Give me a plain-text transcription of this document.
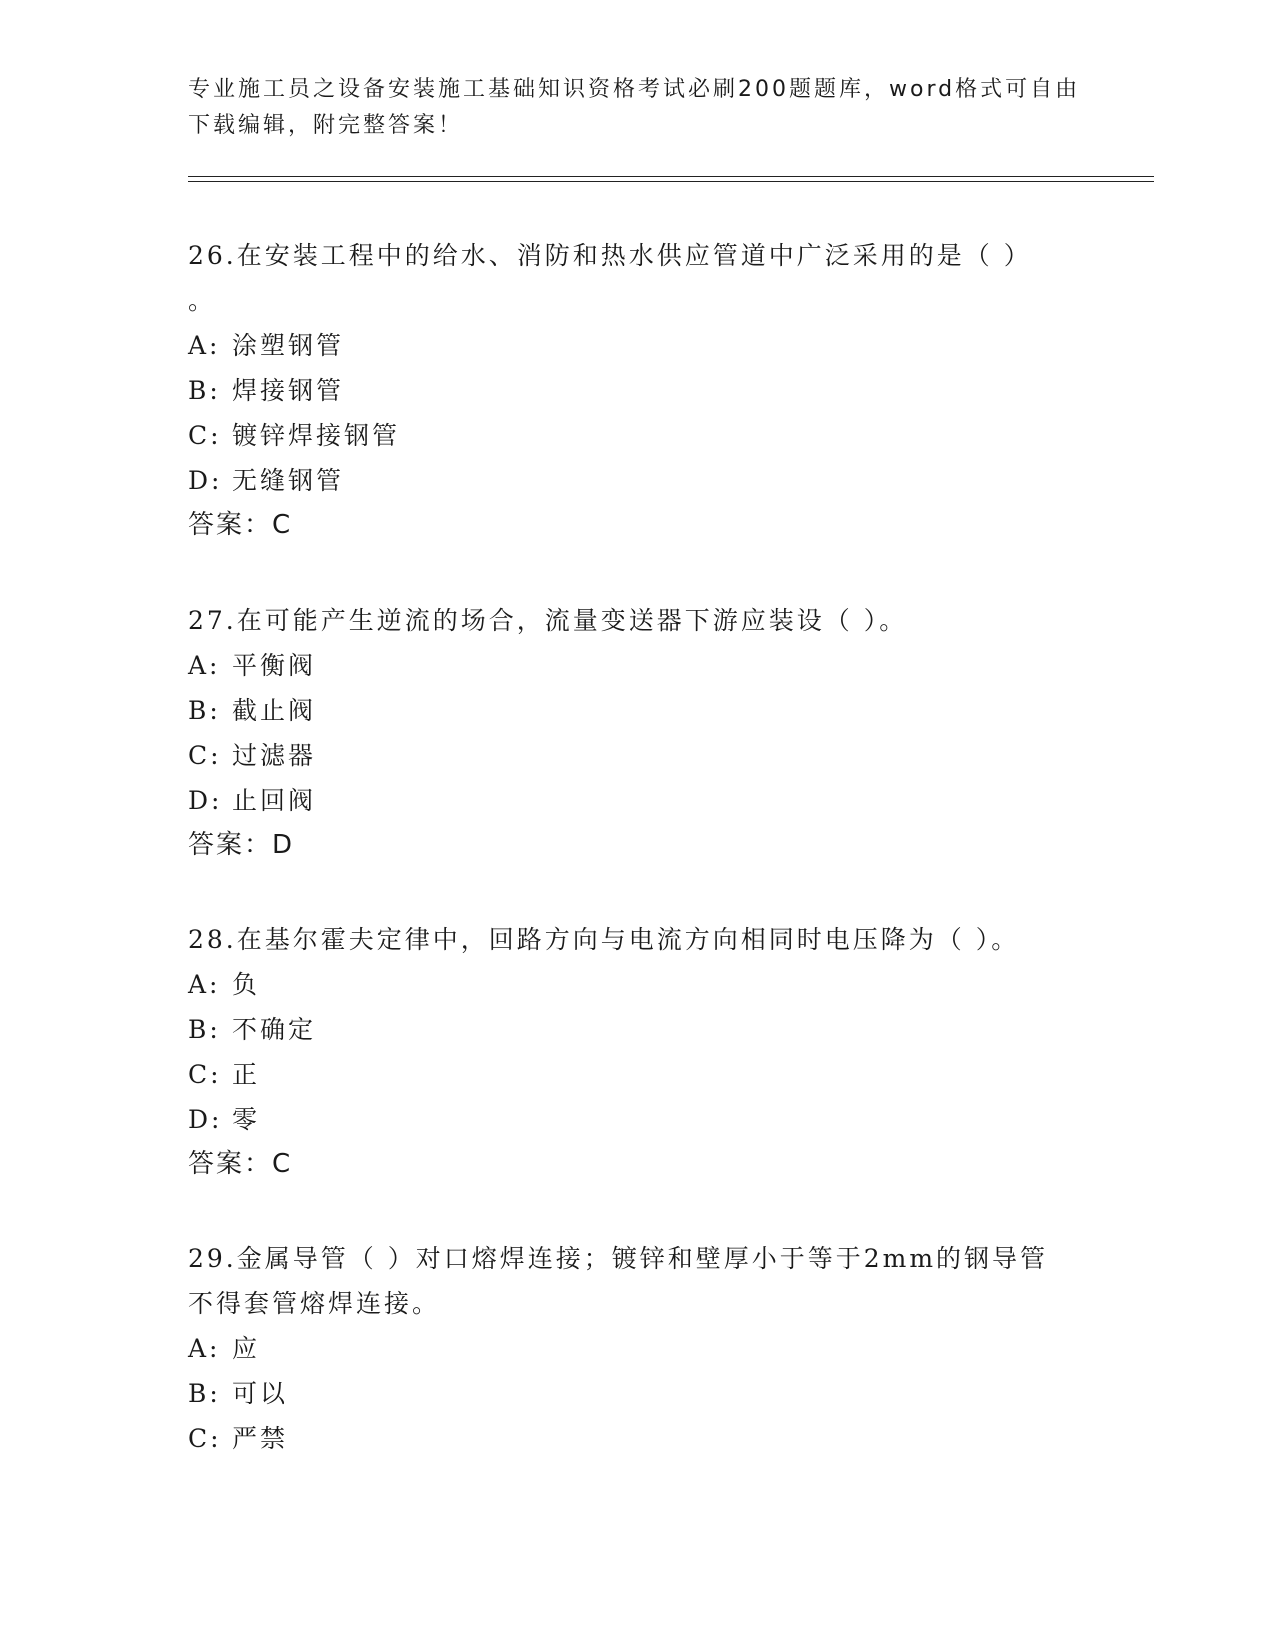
专业施工员之设备安装施工基础知识资格考试必刷200题题库，word格式可自由
下载编辑，附完整答案！

26.在安装工程中的给水、消防和热水供应管道中广泛采用的是（ ）

。

A: 涂塑钢管

B: 焊接钢管

C: 镀锌焊接钢管

D: 无缝钢管

答案：C

27.在可能产生逆流的场合，流量变送器下游应装设（ ）。

A: 平衡阀

B: 截止阀

C: 过滤器

D: 止回阀

答案：D

28.在基尔霍夫定律中，回路方向与电流方向相同时电压降为（ ）。

A: 负

B: 不确定

C: 正

D: 零

答案：C

29.金属导管（ ）对口熔焊连接；镀锌和壁厚小于等于2mm的钢导管

不得套管熔焊连接。

A: 应

B: 可以

C: 严禁
